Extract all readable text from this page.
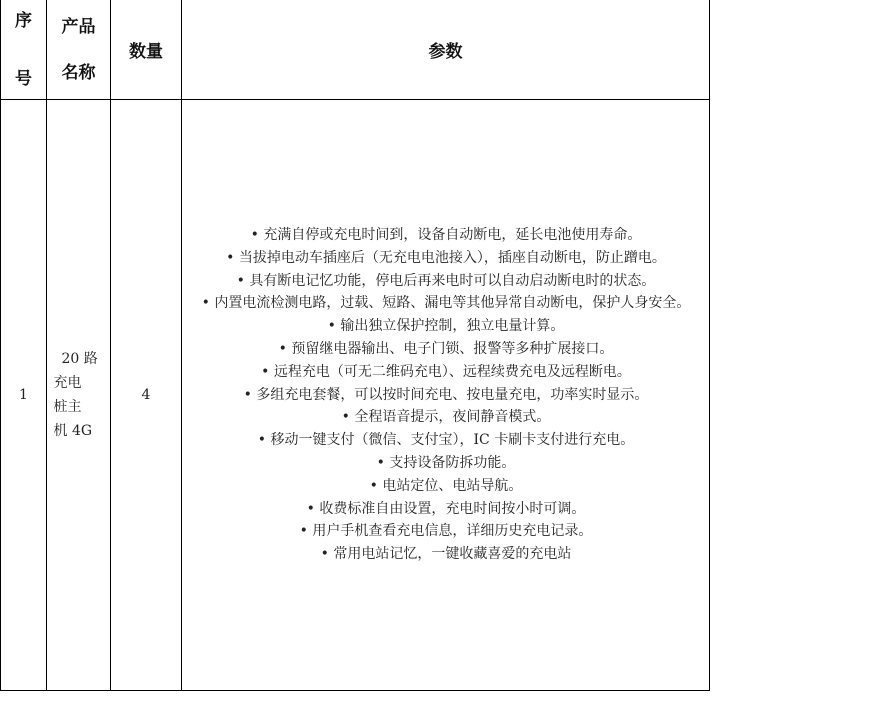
序
号
产品
名称
数量	参数
1
20 路
充电
桩主
机 4G
4
• 充满自停或充电时间到，设备自动断电，延长电池使用寿命。
• 当拔掉电动车插座后（无充电电池接入），插座自动断电，防止蹭电。
• 具有断电记忆功能，停电后再来电时可以自动启动断电时的状态。
• 内置电流检测电路，过载、短路、漏电等其他异常自动断电，保护人身安全。
• 输出独立保护控制，独立电量计算。
• 预留继电器输出、电子门锁、报警等多种扩展接口。
• 远程充电（可无二维码充电）、远程续费充电及远程断电。
• 多组充电套餐，可以按时间充电、按电量充电，功率实时显示。
• 全程语音提示，夜间静音模式。
• 移动一键支付（微信、支付宝），IC 卡刷卡支付进行充电。
• 支持设备防拆功能。
• 电站定位、电站导航。
• 收费标准自由设置，充电时间按小时可调。
• 用户手机查看充电信息，详细历史充电记录。
• 常用电站记忆，一键收藏喜爱的充电站
